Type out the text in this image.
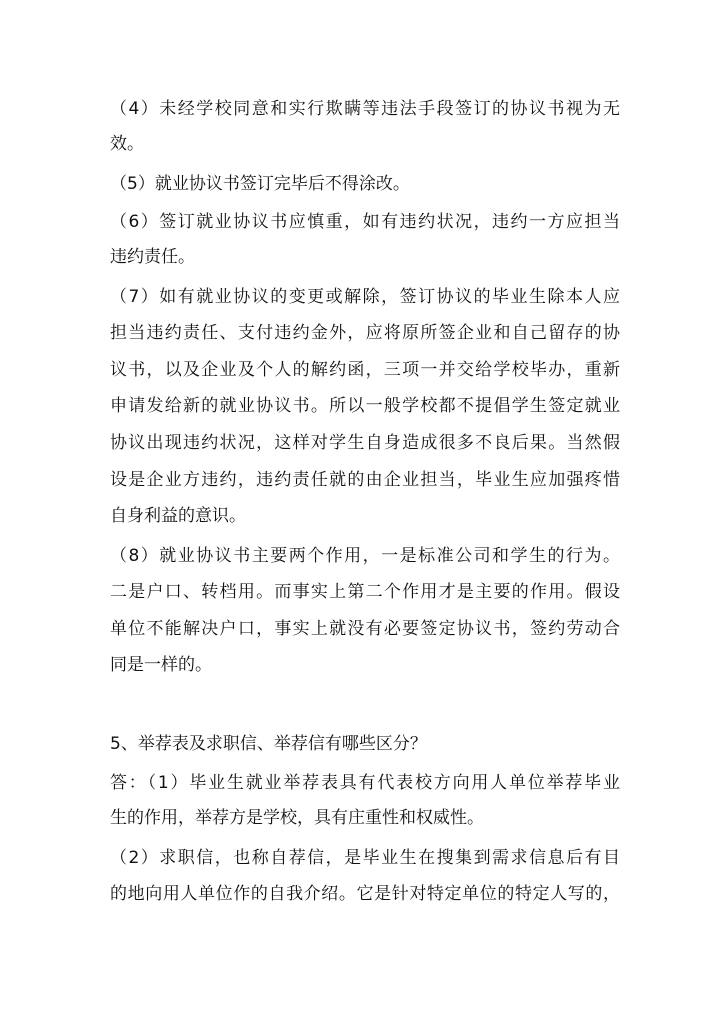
（4）未经学校同意和实行欺瞒等违法手段签订的协议书视为无
效。
（5）就业协议书签订完毕后不得涂改。
（6）签订就业协议书应慎重，如有违约状况，违约一方应担当
违约责任。
（7）如有就业协议的变更或解除，签订协议的毕业生除本人应
担当违约责任、支付违约金外，应将原所签企业和自己留存的协
议书，以及企业及个人的解约函，三项一并交给学校毕办，重新
申请发给新的就业协议书。所以一般学校都不提倡学生签定就业
协议出现违约状况，这样对学生自身造成很多不良后果。当然假
设是企业方违约，违约责任就的由企业担当，毕业生应加强疼惜
自身利益的意识。
（8）就业协议书主要两个作用，一是标准公司和学生的行为。
二是户口、转档用。而事实上第二个作用才是主要的作用。假设
单位不能解决户口，事实上就没有必要签定协议书，签约劳动合
同是一样的。
5、举荐表及求职信、举荐信有哪些区分？
答：（1）毕业生就业举荐表具有代表校方向用人单位举荐毕业
生的作用，举荐方是学校，具有庄重性和权威性。
（2）求职信，也称自荐信，是毕业生在搜集到需求信息后有目
的地向用人单位作的自我介绍。它是针对特定单位的特定人写的，
